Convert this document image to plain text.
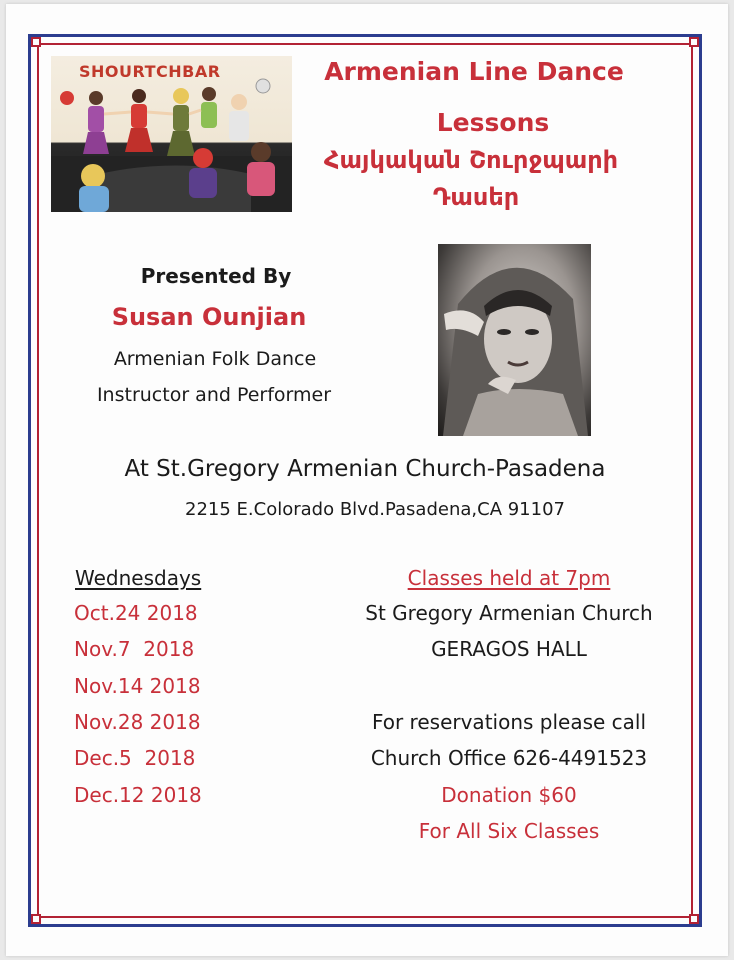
SHOURTCHBAR	Armenian Line Dance
Lessons
Հայկական Շուրջպարի
Դասեր
Presented By
Susan Ounjian
Armenian Folk Dance
Instructor and Performer
At St.Gregory Armenian Church-Pasadena
2215 E.Colorado Blvd.Pasadena,CA 91107
Wednesdays
Oct.24 2018
Nov.7  2018
Nov.14 2018
Nov.28 2018
Dec.5  2018
Dec.12 2018
Classes held at 7pm
St Gregory Armenian Church
GERAGOS HALL
For reservations please call
Church Office 626-4491523
Donation $60
For All Six Classes
